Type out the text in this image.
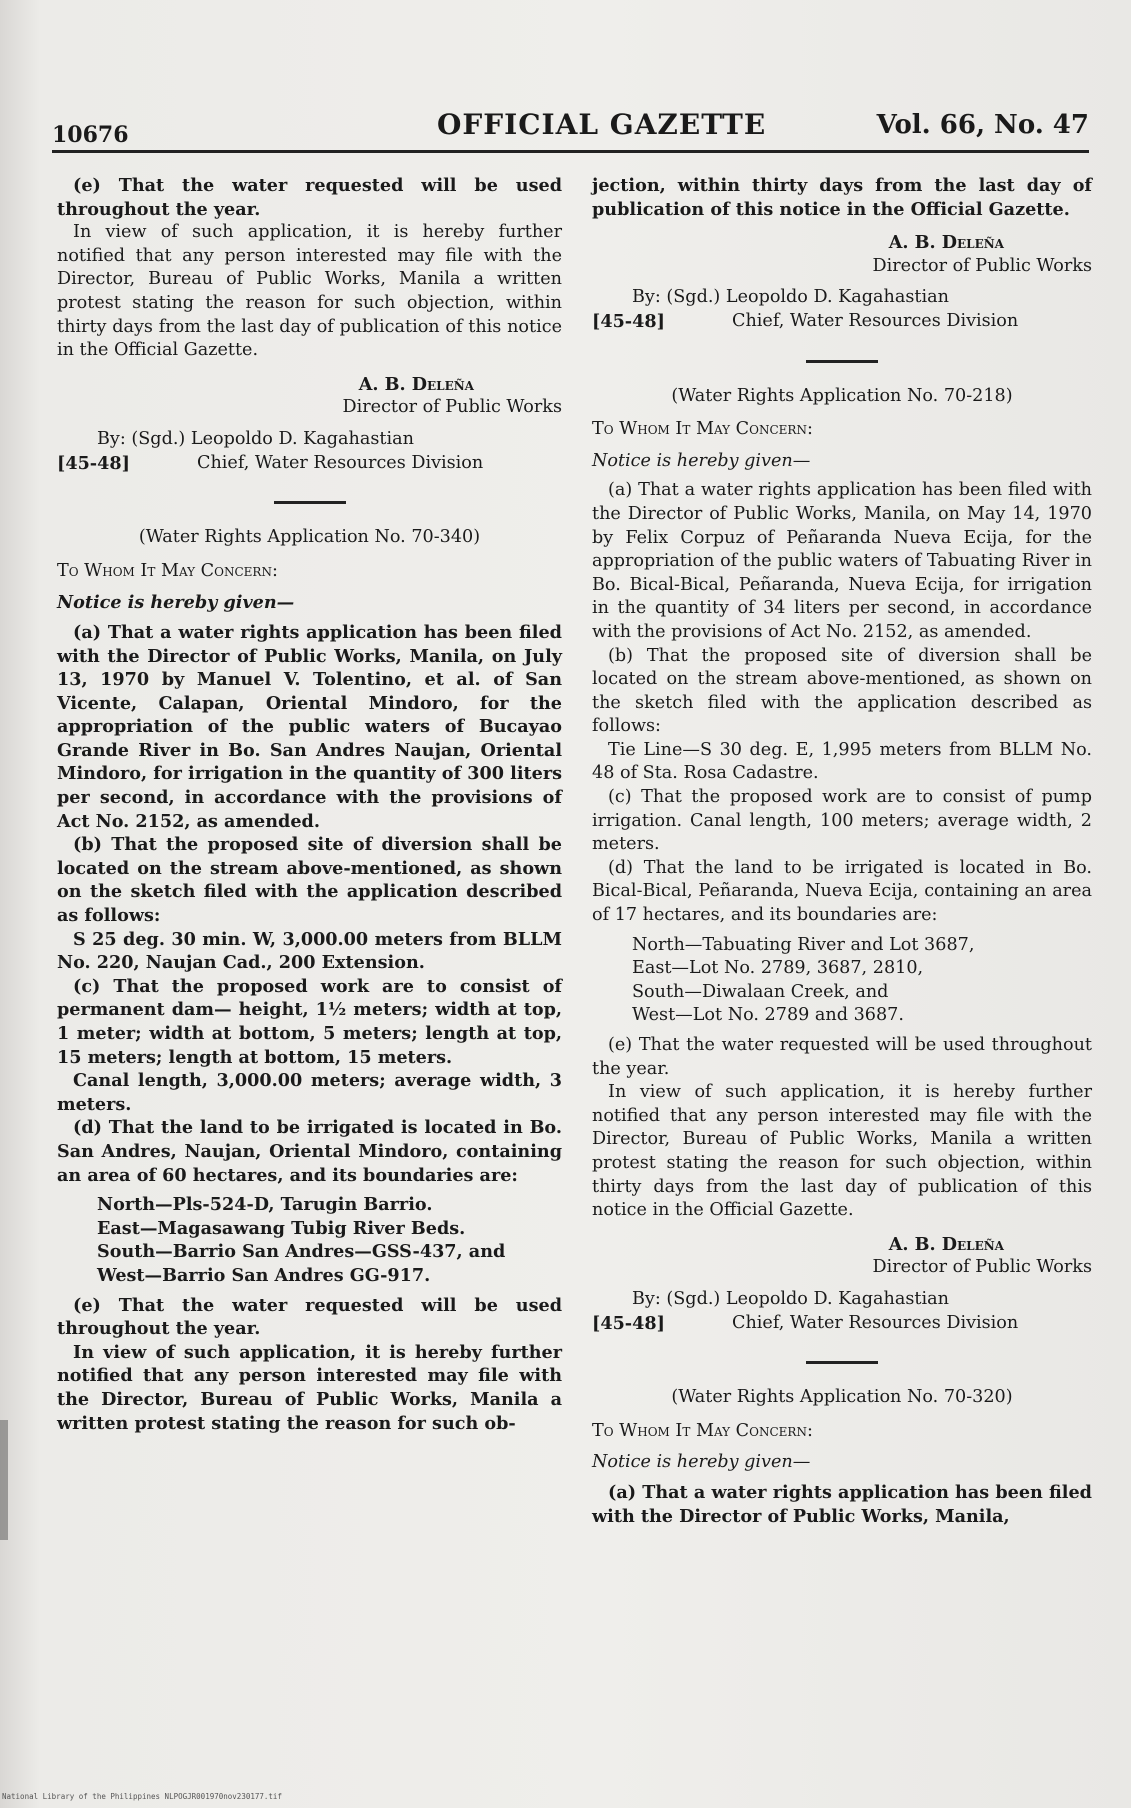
10676	OFFICIAL GAZETTE	Vol. 66, No. 47

(e) That the water requested will be used throughout the year.

In view of such application, it is hereby further notified that any person interested may file with the Director, Bureau of Public Works, Manila a written protest stating the reason for such objection, within thirty days from the last day of publication of this notice in the Official Gazette.

A. B. Deleña

Director of Public Works

By: (Sgd.) Leopoldo D. Kagahastian

[45-48]	Chief, Water Resources Division

(Water Rights Application No. 70-340)

To Whom It May Concern:

Notice is hereby given—

(a) That a water rights application has been filed with the Director of Public Works, Manila, on July 13, 1970 by Manuel V. Tolentino, et al. of San Vicente, Calapan, Oriental Mindoro, for the appropriation of the public waters of Bucayao Grande River in Bo. San Andres Naujan, Oriental Mindoro, for irrigation in the quantity of 300 liters per second, in accordance with the provisions of Act No. 2152, as amended.

(b) That the proposed site of diversion shall be located on the stream above-mentioned, as shown on the sketch filed with the application described as follows:

S 25 deg. 30 min. W, 3,000.00 meters from BLLM No. 220, Naujan Cad., 200 Extension.

(c) That the proposed work are to consist of permanent dam— height, 1½ meters; width at top, 1 meter; width at bottom, 5 meters; length at top, 15 meters; length at bottom, 15 meters.

Canal length, 3,000.00 meters; average width, 3 meters.

(d) That the land to be irrigated is located in Bo. San Andres, Naujan, Oriental Mindoro, containing an area of 60 hectares, and its boundaries are:

North—Pls-524-D, Tarugin Barrio.
East—Magasawang Tubig River Beds.
South—Barrio San Andres—GSS-437, and
West—Barrio San Andres GG-917.

(e) That the water requested will be used throughout the year.

In view of such application, it is hereby further notified that any person interested may file with the Director, Bureau of Public Works, Manila a written protest stating the reason for such ob-

jection, within thirty days from the last day of publication of this notice in the Official Gazette.

A. B. Deleña

Director of Public Works

By: (Sgd.) Leopoldo D. Kagahastian

[45-48]	Chief, Water Resources Division

(Water Rights Application No. 70-218)

To Whom It May Concern:

Notice is hereby given—

(a) That a water rights application has been filed with the Director of Public Works, Manila, on May 14, 1970 by Felix Corpuz of Peñaranda Nueva Ecija, for the appropriation of the public waters of Tabuating River in Bo. Bical-Bical, Peñaranda, Nueva Ecija, for irrigation in the quantity of 34 liters per second, in accordance with the provisions of Act No. 2152, as amended.

(b) That the proposed site of diversion shall be located on the stream above-mentioned, as shown on the sketch filed with the application described as follows:

Tie Line—S 30 deg. E, 1,995 meters from BLLM No. 48 of Sta. Rosa Cadastre.

(c) That the proposed work are to consist of pump irrigation. Canal length, 100 meters; average width, 2 meters.

(d) That the land to be irrigated is located in Bo. Bical-Bical, Peñaranda, Nueva Ecija, containing an area of 17 hectares, and its boundaries are:

North—Tabuating River and Lot 3687,
East—Lot No. 2789, 3687, 2810,
South—Diwalaan Creek, and
West—Lot No. 2789 and 3687.

(e) That the water requested will be used throughout the year.

In view of such application, it is hereby further notified that any person interested may file with the Director, Bureau of Public Works, Manila a written protest stating the reason for such objection, within thirty days from the last day of publication of this notice in the Official Gazette.

A. B. Deleña

Director of Public Works

By: (Sgd.) Leopoldo D. Kagahastian

[45-48]	Chief, Water Resources Division

(Water Rights Application No. 70-320)

To Whom It May Concern:

Notice is hereby given—

(a) That a water rights application has been filed with the Director of Public Works, Manila,

National Library of the Philippines NLPOGJR001970nov230177.tif
